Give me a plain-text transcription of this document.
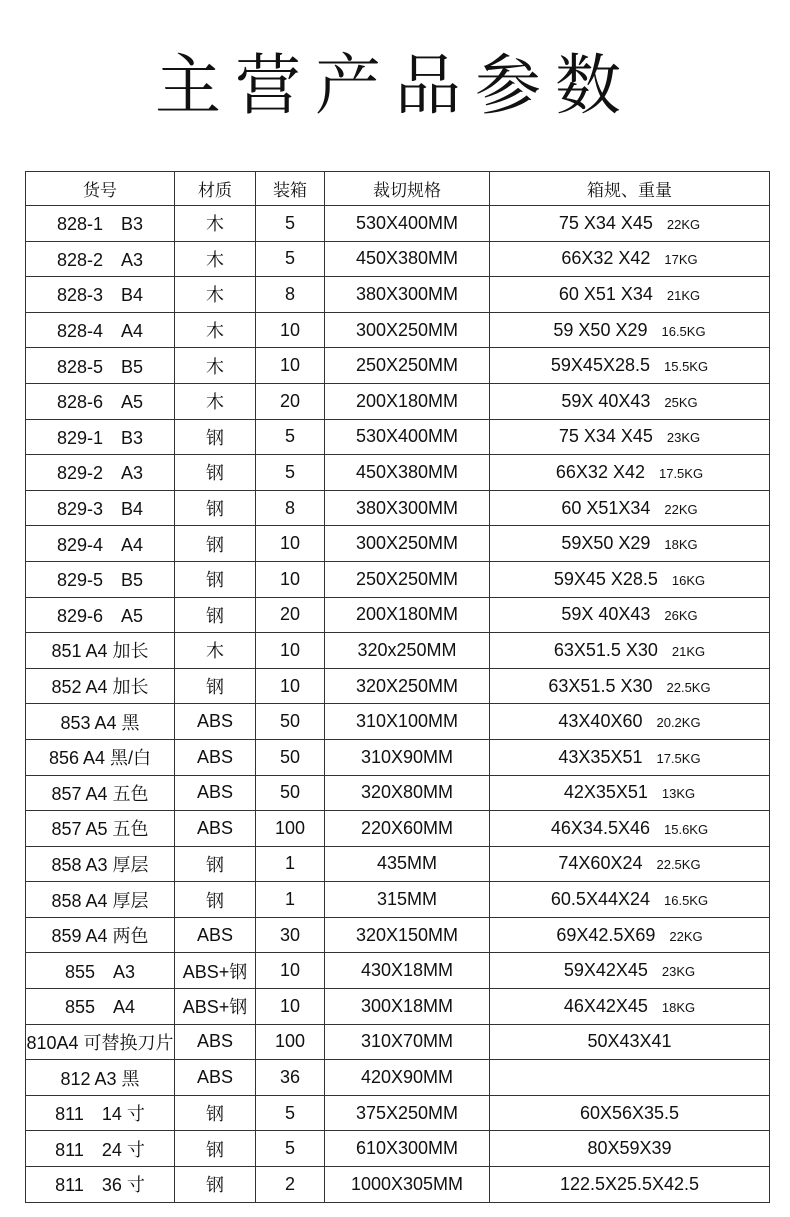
主营产品参数
货号	材质	装箱	裁切规格	箱规、重量
828-1　B3	木	5	530X400MM	75 X34 X45 22KG
828-2　A3	木	5	450X380MM	66X32 X42 17KG
828-3　B4	木	8	380X300MM	60 X51 X34 21KG
828-4　A4	木	10	300X250MM	59 X50 X29 16.5KG
828-5　B5	木	10	250X250MM	59X45X28.5 15.5KG
828-6　A5	木	20	200X180MM	59X 40X43 25KG
829-1　B3	钢	5	530X400MM	75 X34 X45 23KG
829-2　A3	钢	5	450X380MM	66X32 X42 17.5KG
829-3　B4	钢	8	380X300MM	60 X51X34 22KG
829-4　A4	钢	10	300X250MM	59X50 X29 18KG
829-5　B5	钢	10	250X250MM	59X45 X28.5 16KG
829-6　A5	钢	20	200X180MM	59X 40X43 26KG
851 A4 加长	木	10	320x250MM	63X51.5 X30 21KG
852 A4 加长	钢	10	320X250MM	63X51.5 X30 22.5KG
853 A4 黑	ABS	50	310X100MM	43X40X60 20.2KG
856 A4 黑/白	ABS	50	310X90MM	43X35X51 17.5KG
857 A4 五色	ABS	50	320X80MM	42X35X51 13KG
857 A5 五色	ABS	100	220X60MM	46X34.5X46 15.6KG
858 A3 厚层	钢	1	435MM	74X60X24 22.5KG
858 A4 厚层	钢	1	315MM	60.5X44X24 16.5KG
859 A4 两色	ABS	30	320X150MM	69X42.5X69 22KG
855　A3	ABS+钢	10	430X18MM	59X42X45 23KG
855　A4	ABS+钢	10	300X18MM	46X42X45 18KG
810A4 可替换刀片	ABS	100	310X70MM	50X43X41
812 A3 黑	ABS	36	420X90MM	
811　14 寸	钢	5	375X250MM	60X56X35.5
811　24 寸	钢	5	610X300MM	80X59X39
811　36 寸	钢	2	1000X305MM	122.5X25.5X42.5
